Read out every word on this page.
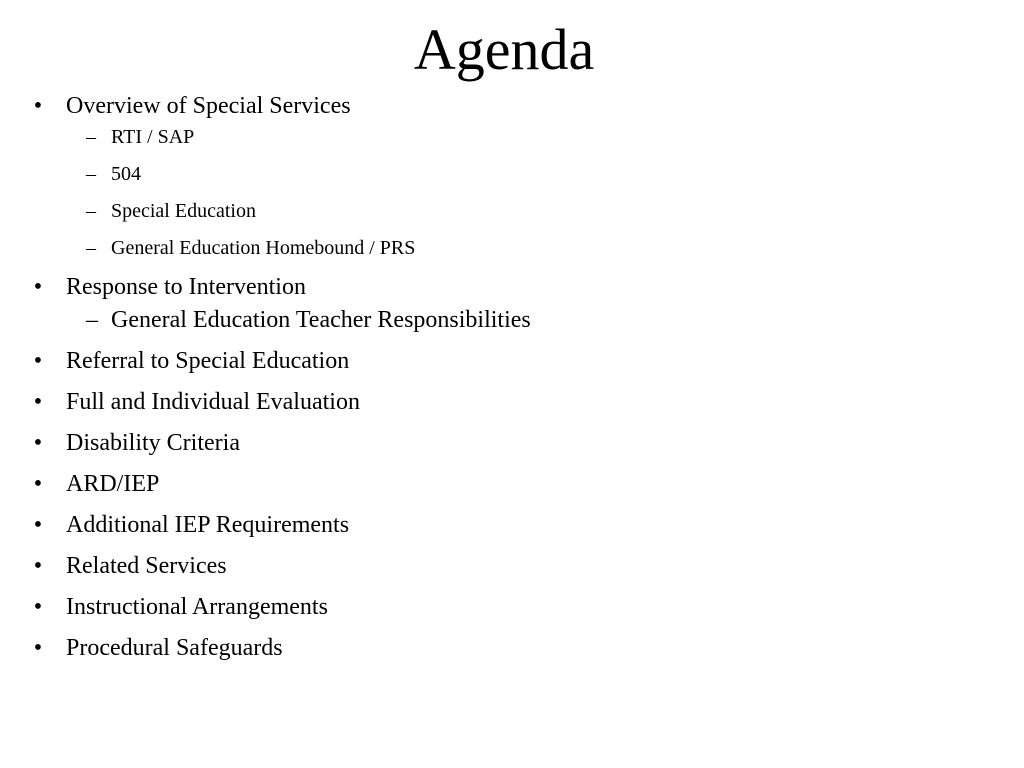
Agenda
• Overview of Special Services
– RTI / SAP
– 504
– Special Education
– General Education Homebound / PRS
• Response to Intervention
– General Education Teacher Responsibilities
• Referral to Special Education
• Full and Individual Evaluation
• Disability Criteria
• ARD/IEP
• Additional IEP Requirements
• Related Services
• Instructional Arrangements
• Procedural Safeguards
